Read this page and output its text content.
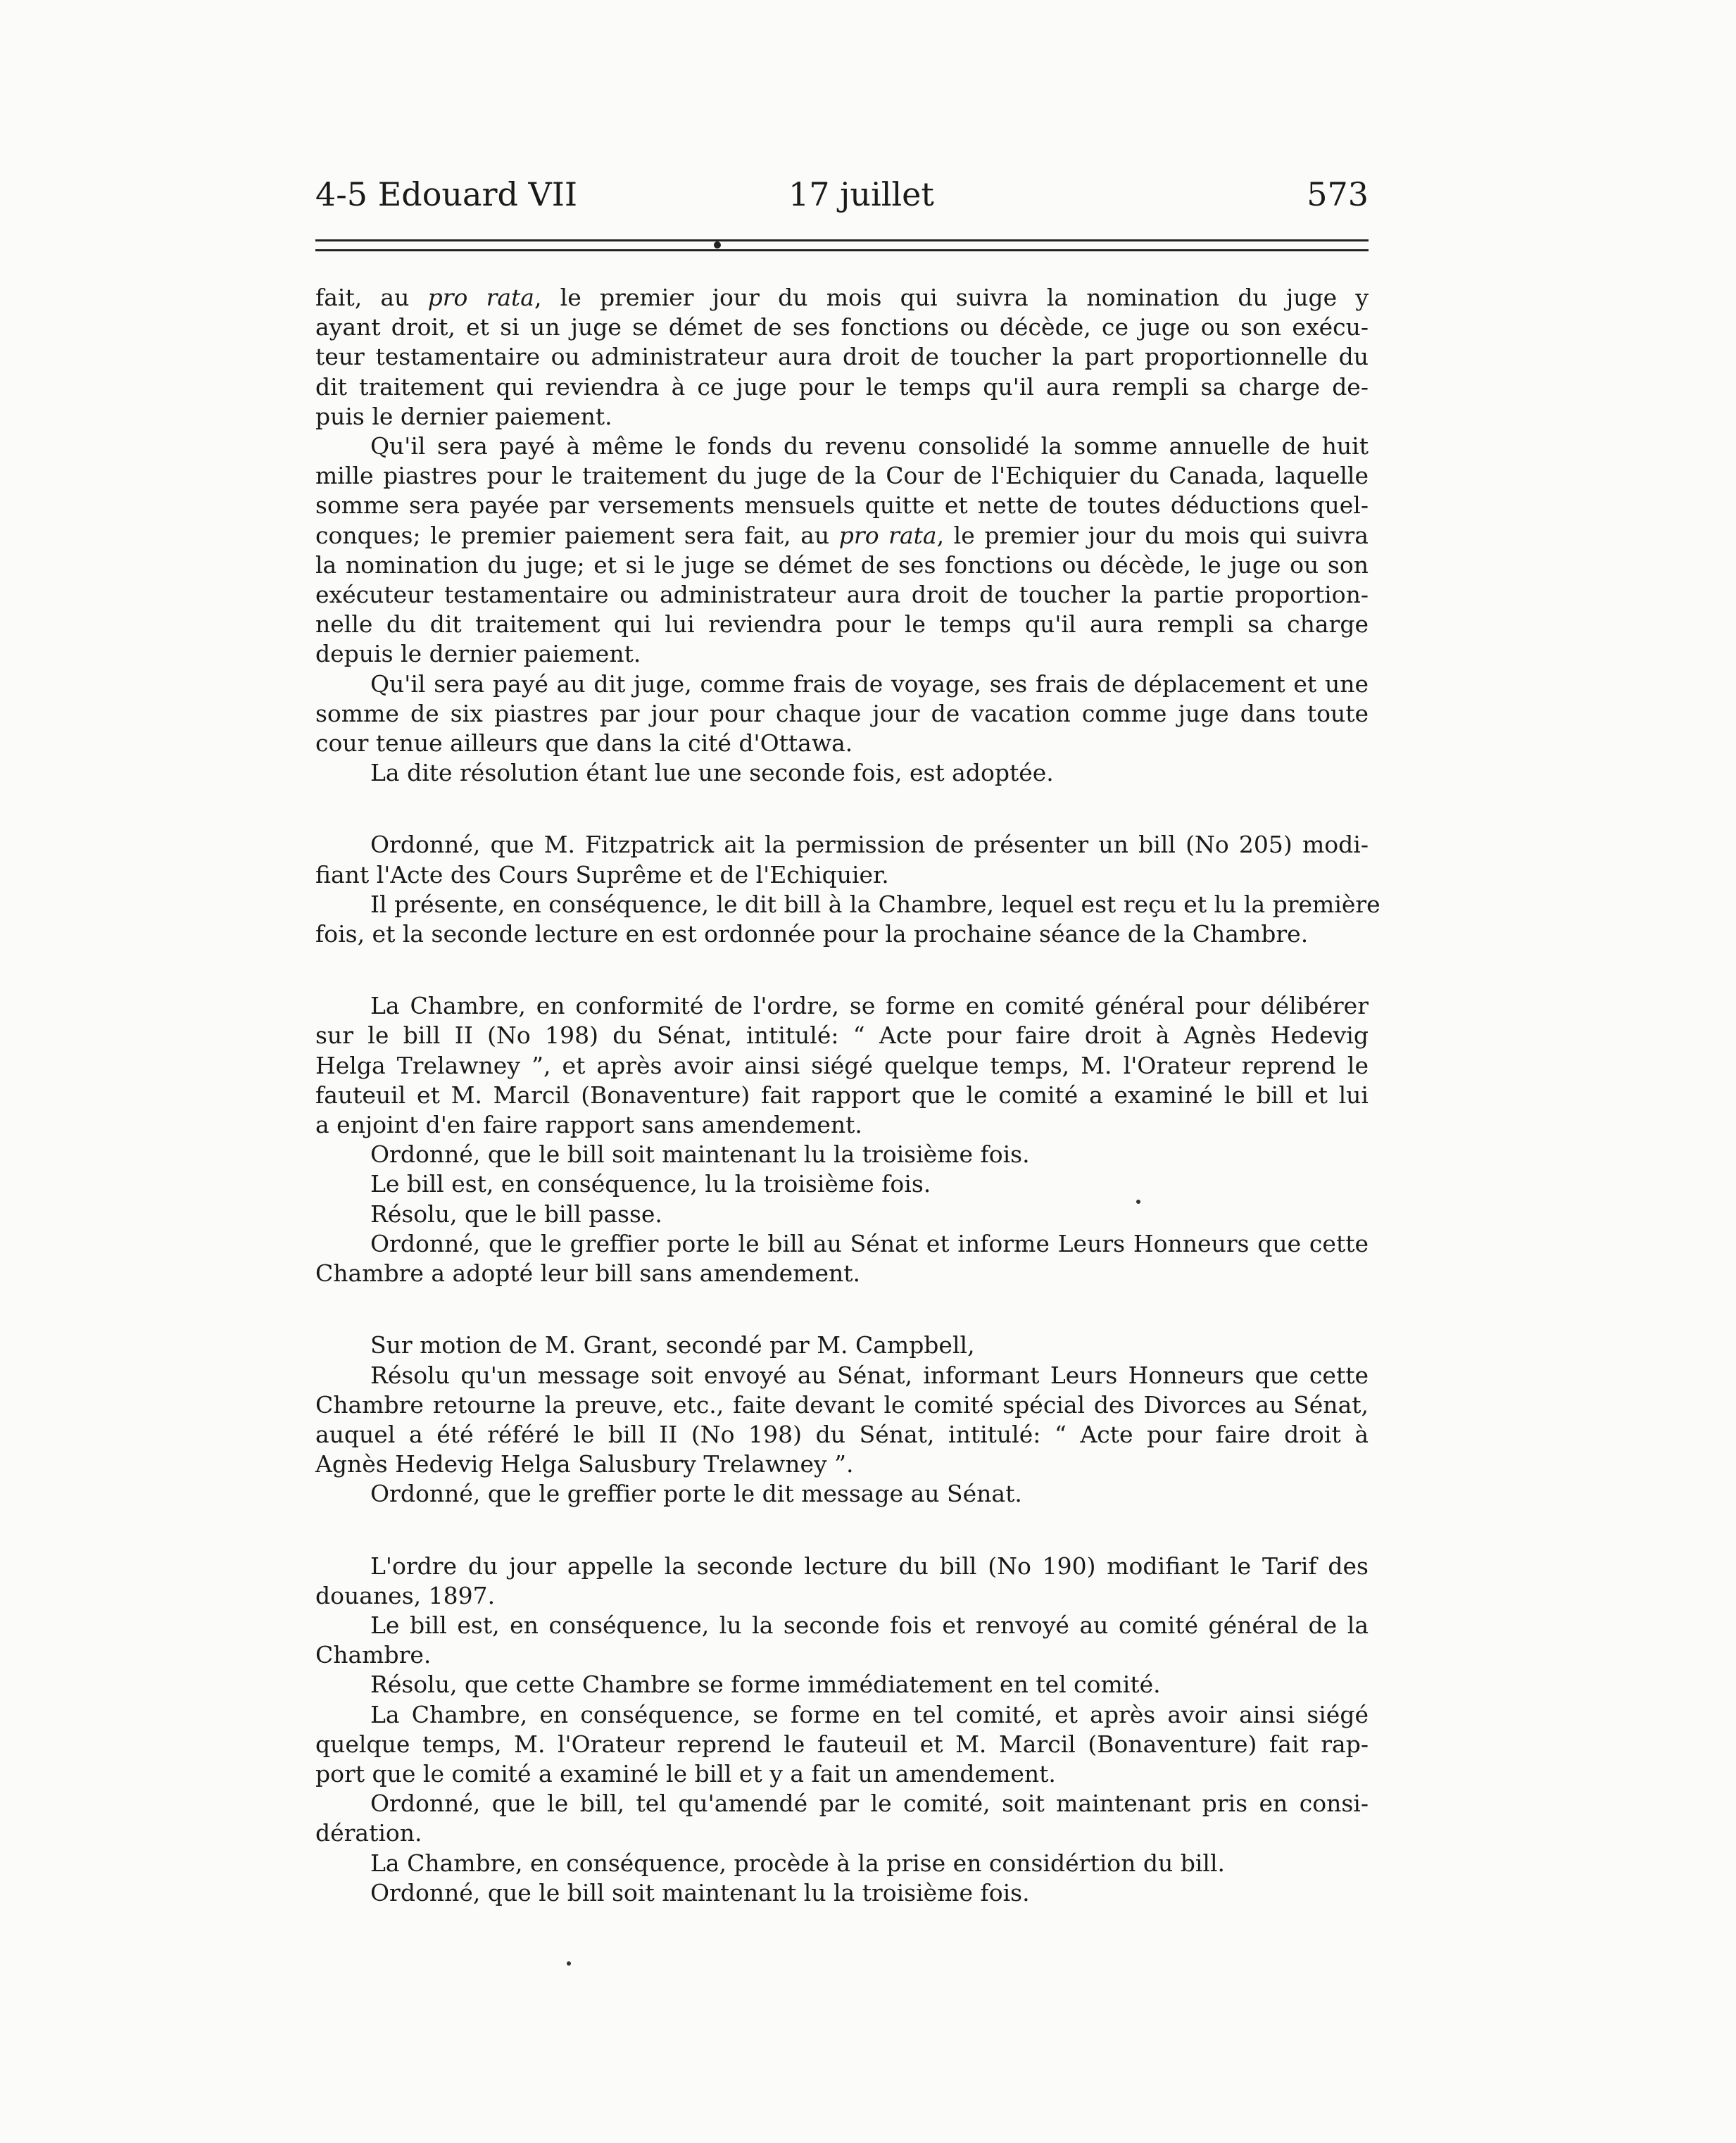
4-5 Edouard VII	17 juillet	573
fait, au pro rata, le premier jour du mois qui suivra la nomination du juge y
ayant droit, et si un juge se démet de ses fonctions ou décède, ce juge ou son exécu-
teur testamentaire ou administrateur aura droit de toucher la part proportionnelle du
dit traitement qui reviendra à ce juge pour le temps qu'il aura rempli sa charge de-
puis le dernier paiement.
Qu'il sera payé à même le fonds du revenu consolidé la somme annuelle de huit
mille piastres pour le traitement du juge de la Cour de l'Echiquier du Canada, laquelle
somme sera payée par versements mensuels quitte et nette de toutes déductions quel-
conques; le premier paiement sera fait, au pro rata, le premier jour du mois qui suivra
la nomination du juge; et si le juge se démet de ses fonctions ou décède, le juge ou son
exécuteur testamentaire ou administrateur aura droit de toucher la partie proportion-
nelle du dit traitement qui lui reviendra pour le temps qu'il aura rempli sa charge
depuis le dernier paiement.
Qu'il sera payé au dit juge, comme frais de voyage, ses frais de déplacement et une
somme de six piastres par jour pour chaque jour de vacation comme juge dans toute
cour tenue ailleurs que dans la cité d'Ottawa.
La dite résolution étant lue une seconde fois, est adoptée.
Ordonné, que M. Fitzpatrick ait la permission de présenter un bill (No 205) modi-
fiant l'Acte des Cours Suprême et de l'Echiquier.
Il présente, en conséquence, le dit bill à la Chambre, lequel est reçu et lu la première
fois, et la seconde lecture en est ordonnée pour la prochaine séance de la Chambre.
La Chambre, en conformité de l'ordre, se forme en comité général pour délibérer
sur le bill II (No 198) du Sénat, intitulé: “ Acte pour faire droit à Agnès Hedevig
Helga Trelawney ”, et après avoir ainsi siégé quelque temps, M. l'Orateur reprend le
fauteuil et M. Marcil (Bonaventure) fait rapport que le comité a examiné le bill et lui
a enjoint d'en faire rapport sans amendement.
Ordonné, que le bill soit maintenant lu la troisième fois.
Le bill est, en conséquence, lu la troisième fois.
Résolu, que le bill passe.
Ordonné, que le greffier porte le bill au Sénat et informe Leurs Honneurs que cette
Chambre a adopté leur bill sans amendement.
Sur motion de M. Grant, secondé par M. Campbell,
Résolu qu'un message soit envoyé au Sénat, informant Leurs Honneurs que cette
Chambre retourne la preuve, etc., faite devant le comité spécial des Divorces au Sénat,
auquel a été référé le bill II (No 198) du Sénat, intitulé: “ Acte pour faire droit à
Agnès Hedevig Helga Salusbury Trelawney ”.
Ordonné, que le greffier porte le dit message au Sénat.
L'ordre du jour appelle la seconde lecture du bill (No 190) modifiant le Tarif des
douanes, 1897.
Le bill est, en conséquence, lu la seconde fois et renvoyé au comité général de la
Chambre.
Résolu, que cette Chambre se forme immédiatement en tel comité.
La Chambre, en conséquence, se forme en tel comité, et après avoir ainsi siégé
quelque temps, M. l'Orateur reprend le fauteuil et M. Marcil (Bonaventure) fait rap-
port que le comité a examiné le bill et y a fait un amendement.
Ordonné, que le bill, tel qu'amendé par le comité, soit maintenant pris en consi-
dération.
La Chambre, en conséquence, procède à la prise en considértion du bill.
Ordonné, que le bill soit maintenant lu la troisième fois.
